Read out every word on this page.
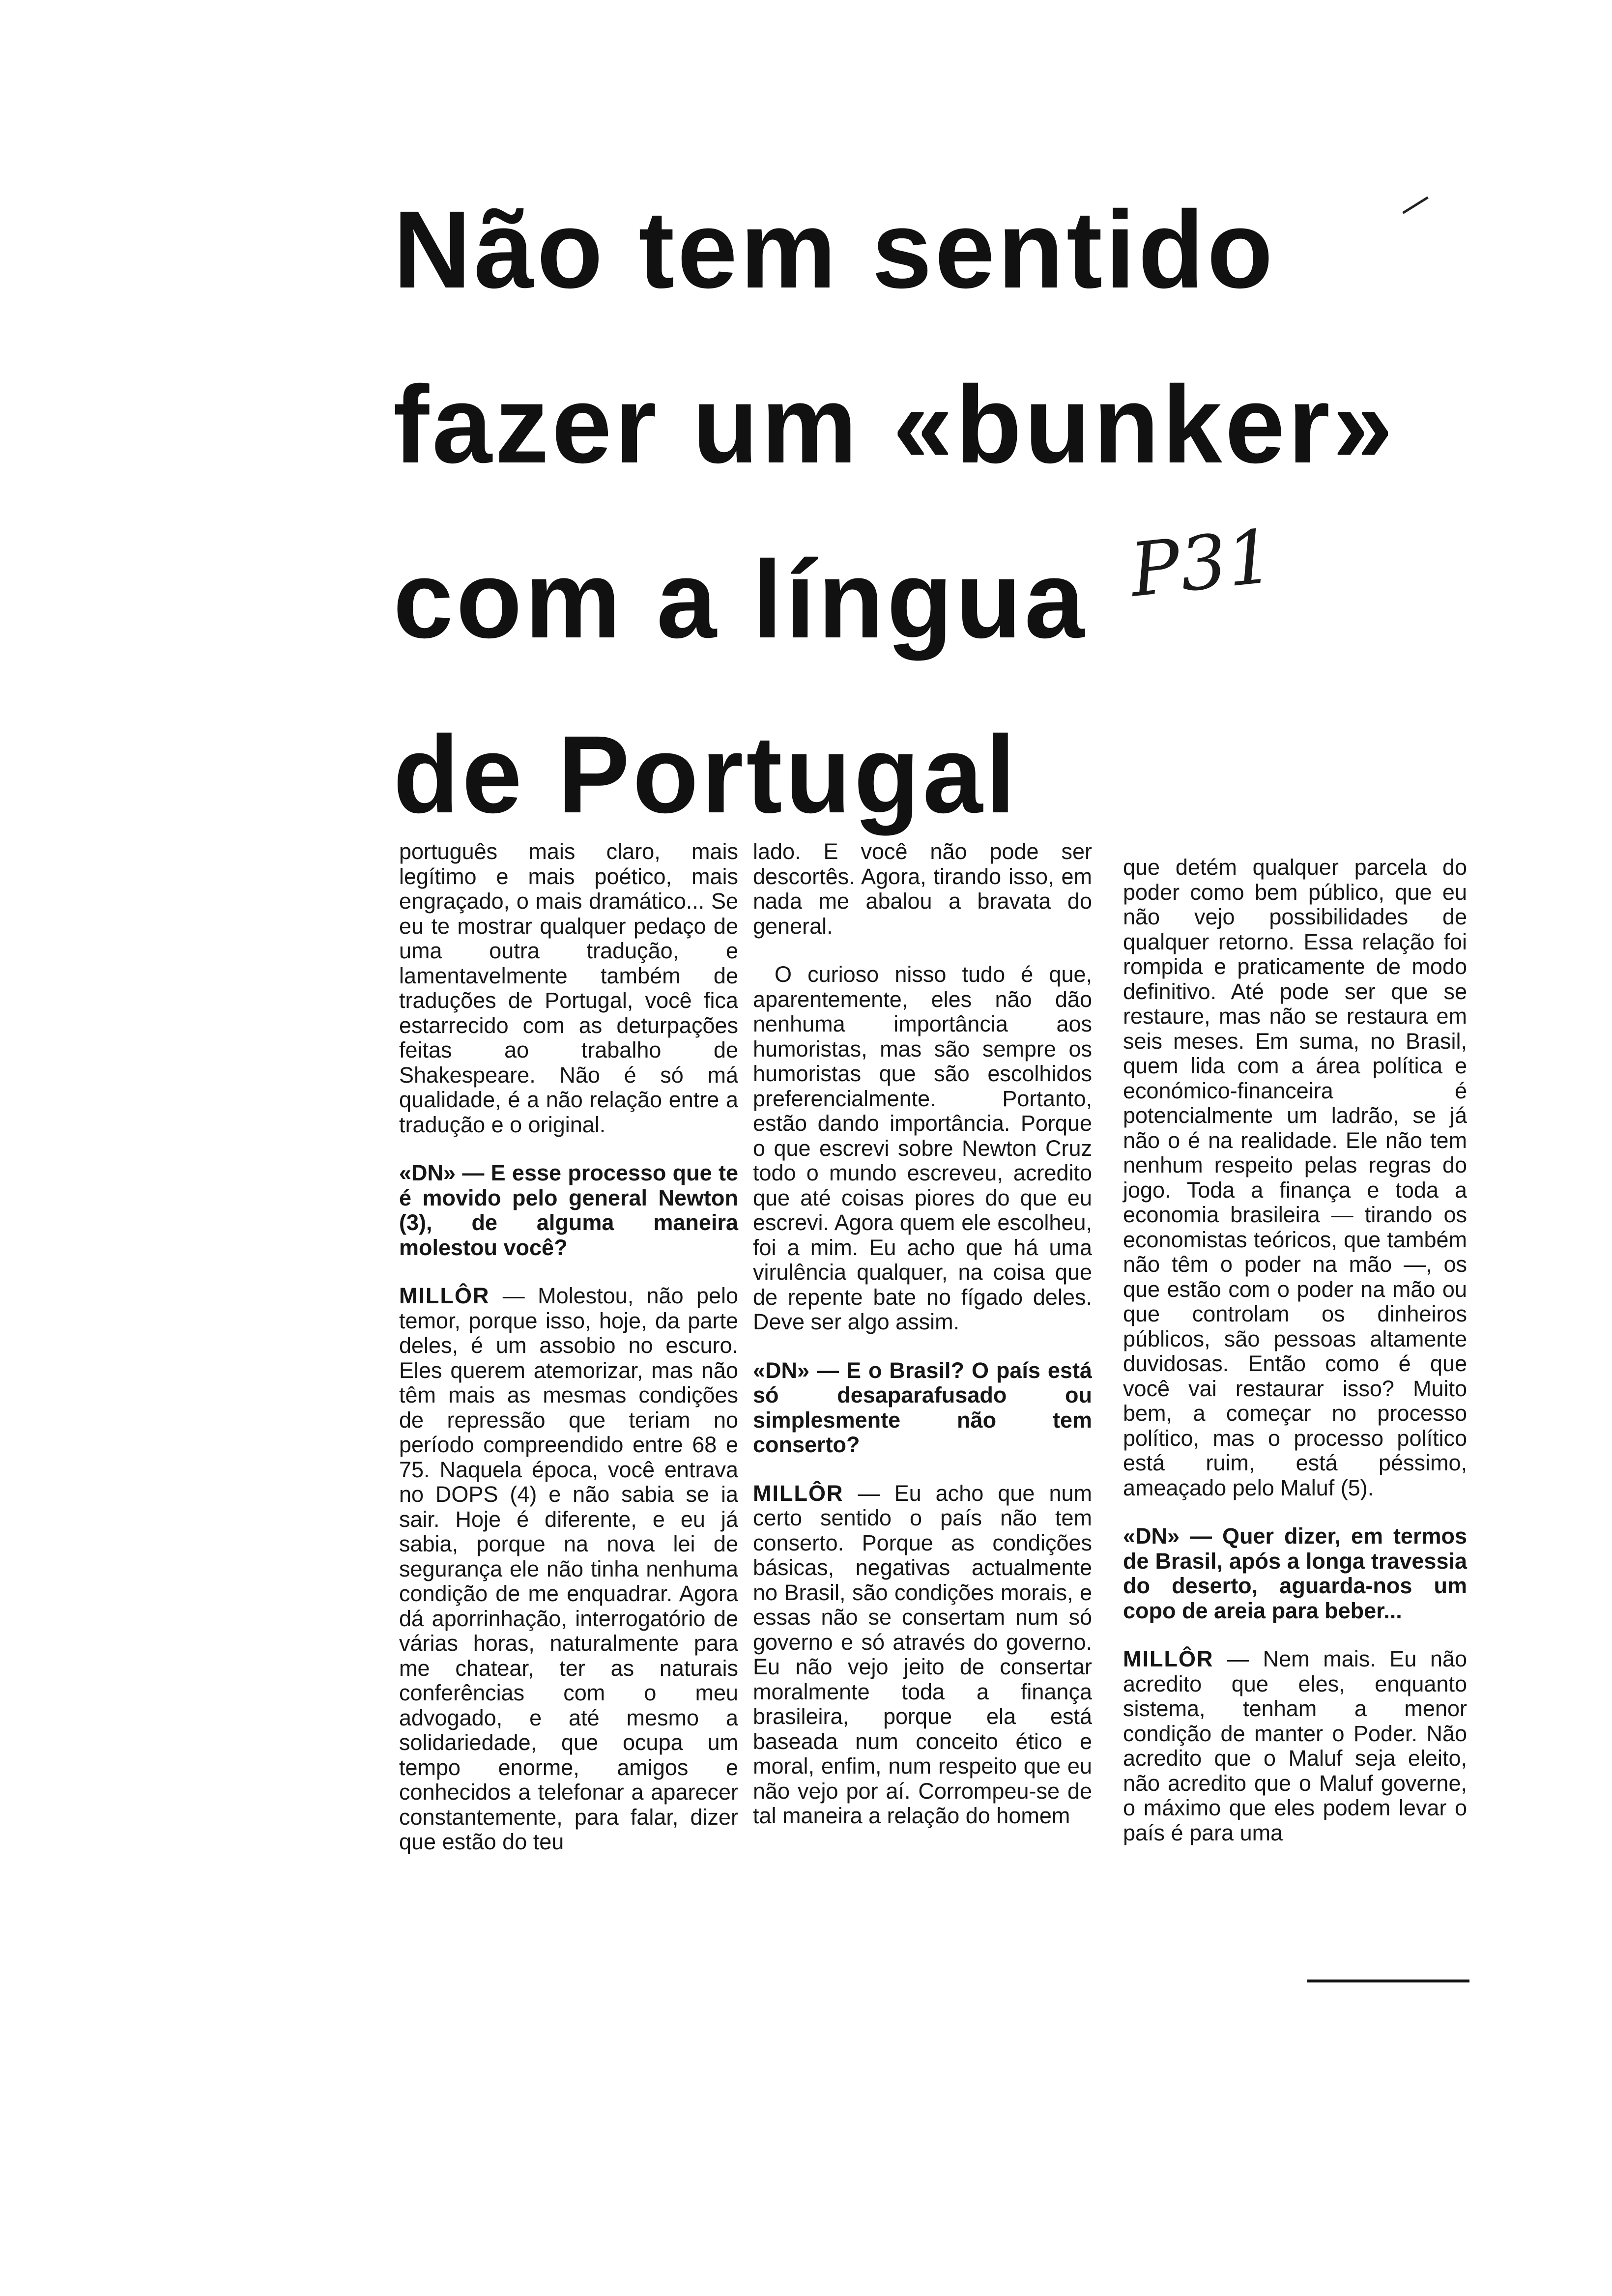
Não tem sentido
fazer um «bunker»
com a língua
de Portugal
P31

português mais claro, mais legítimo e mais poético, mais engraçado, o mais dramático... Se eu te mostrar qualquer pedaço de uma outra tradução, e lamentavelmente também de traduções de Portugal, você fica estarrecido com as deturpações feitas ao trabalho de Shakespeare. Não é só má qualidade, é a não relação entre a tradução e o original.

«DN» — E esse processo que te é movido pelo general Newton (3), de alguma maneira molestou você?

MILLÔR — Molestou, não pelo temor, porque isso, hoje, da parte deles, é um assobio no escuro. Eles querem atemorizar, mas não têm mais as mesmas condições de repressão que teriam no período compreendido entre 68 e 75. Naquela época, você entrava no DOPS (4) e não sabia se ia sair. Hoje é diferente, e eu já sabia, porque na nova lei de segurança ele não tinha nenhuma condição de me enquadrar. Agora dá aporrinhação, interrogatório de várias horas, naturalmente para me chatear, ter as naturais conferências com o meu advogado, e até mesmo a solidariedade, que ocupa um tempo enorme, amigos e conhecidos a telefonar a aparecer constantemente, para falar, dizer que estão do teu

lado. E você não pode ser descortês. Agora, tirando isso, em nada me abalou a bravata do general.

O curioso nisso tudo é que, aparentemente, eles não dão nenhuma importância aos humoristas, mas são sempre os humoristas que são escolhidos preferencialmente. Portanto, estão dando importância. Porque o que escrevi sobre Newton Cruz todo o mundo escreveu, acredito que até coisas piores do que eu escrevi. Agora quem ele escolheu, foi a mim. Eu acho que há uma virulência qualquer, na coisa que de repente bate no fígado deles. Deve ser algo assim.

«DN» — E o Brasil? O país está só desaparafusado ou simplesmente não tem conserto?

MILLÔR — Eu acho que num certo sentido o país não tem conserto. Porque as condições básicas, negativas actualmente no Brasil, são condições morais, e essas não se consertam num só governo e só através do governo. Eu não vejo jeito de consertar moralmente toda a finança brasileira, porque ela está baseada num conceito ético e moral, enfim, num respeito que eu não vejo por aí. Corrompeu-se de tal maneira a relação do homem

que detém qualquer parcela do poder como bem público, que eu não vejo possibilidades de qualquer retorno. Essa relação foi rompida e praticamente de modo definitivo. Até pode ser que se restaure, mas não se restaura em seis meses. Em suma, no Brasil, quem lida com a área política e económico-financeira é potencialmente um ladrão, se já não o é na realidade. Ele não tem nenhum respeito pelas regras do jogo. Toda a finança e toda a economia brasileira — tirando os economistas teóricos, que também não têm o poder na mão —, os que estão com o poder na mão ou que controlam os dinheiros públicos, são pessoas altamente duvidosas. Então como é que você vai restaurar isso? Muito bem, a começar no processo político, mas o processo político está ruim, está péssimo, ameaçado pelo Maluf (5).

«DN» — Quer dizer, em termos de Brasil, após a longa travessia do deserto, aguarda-nos um copo de areia para beber...

MILLÔR — Nem mais. Eu não acredito que eles, enquanto sistema, tenham a menor condição de manter o Poder. Não acredito que o Maluf seja eleito, não acredito que o Maluf governe, o máximo que eles podem levar o país é para uma
